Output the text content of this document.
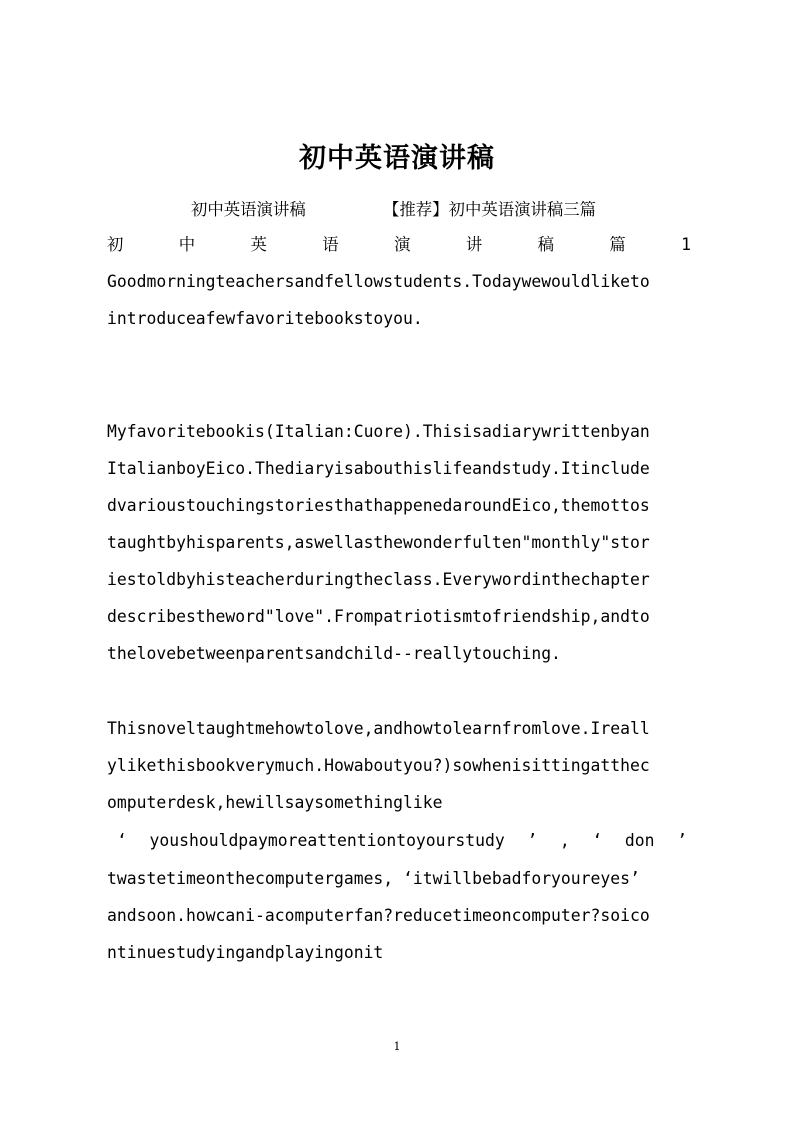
初中英语演讲稿
初中英语演讲稿	【推荐】初中英语演讲稿三篇
初	中	英	语	演	讲	稿	篇	1
Goodmorningteachersandfellowstudents.Todaywewouldliketo
introduceafewfavoritebookstoyou.
Myfavoritebookis(Italian:Cuore).Thisisadiarywrittenbyan
ItalianboyEico.Thediaryisabouthislifeandstudy.Itinclude
dvarioustouchingstoriesthathappenedaroundEico,themottos
taughtbyhisparents,aswellasthewonderfulten"monthly"stor
iestoldbyhisteacherduringtheclass.Everywordinthechapter
describestheword"love".Frompatriotismtofriendship,andto
thelovebetweenparentsandchild--reallytouching.
Thisnoveltaughtmehowtolove,andhowtolearnfromlove.Ireall
ylikethisbookverymuch.Howaboutyou?)sowhenisittingatthec
omputerdesk,hewillsaysomethinglike
‘ youshouldpaymoreattentiontoyourstudy ’ , ‘ don ’
twastetimeonthecomputergames, ‘itwillbebadforyoureyes’
andsoon.howcani-acomputerfan?reducetimeoncomputer?soico
ntinuestudyingandplayingonit
1
